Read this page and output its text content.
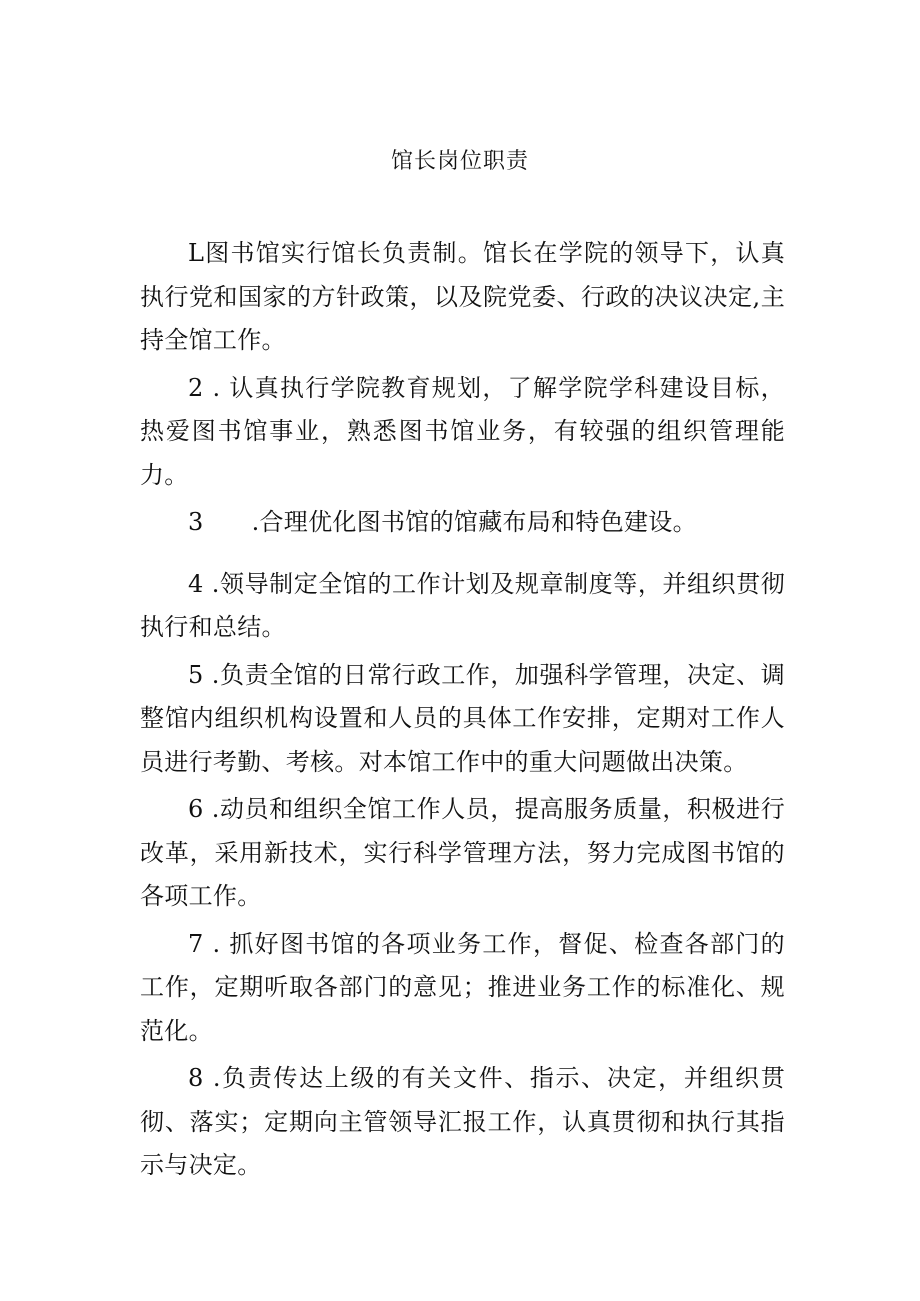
馆长岗位职责

L图书馆实行馆长负责制。馆长在学院的领导下，认真执行党和国家的方针政策，以及院党委、行政的决议决定,主持全馆工作。

2 . 认真执行学院教育规划，了解学院学科建设目标，热爱图书馆事业，熟悉图书馆业务，有较强的组织管理能力。

3 .合理优化图书馆的馆藏布局和特色建设。

4 .领导制定全馆的工作计划及规章制度等，并组织贯彻执行和总结。

5 .负责全馆的日常行政工作，加强科学管理，决定、调整馆内组织机构设置和人员的具体工作安排，定期对工作人员进行考勤、考核。对本馆工作中的重大问题做出决策。

6 .动员和组织全馆工作人员，提高服务质量，积极进行改革，采用新技术，实行科学管理方法，努力完成图书馆的各项工作。

7 . 抓好图书馆的各项业务工作，督促、检查各部门的工作，定期听取各部门的意见；推进业务工作的标准化、规范化。

8 .负责传达上级的有关文件、指示、决定，并组织贯彻、落实；定期向主管领导汇报工作，认真贯彻和执行其指示与决定。
